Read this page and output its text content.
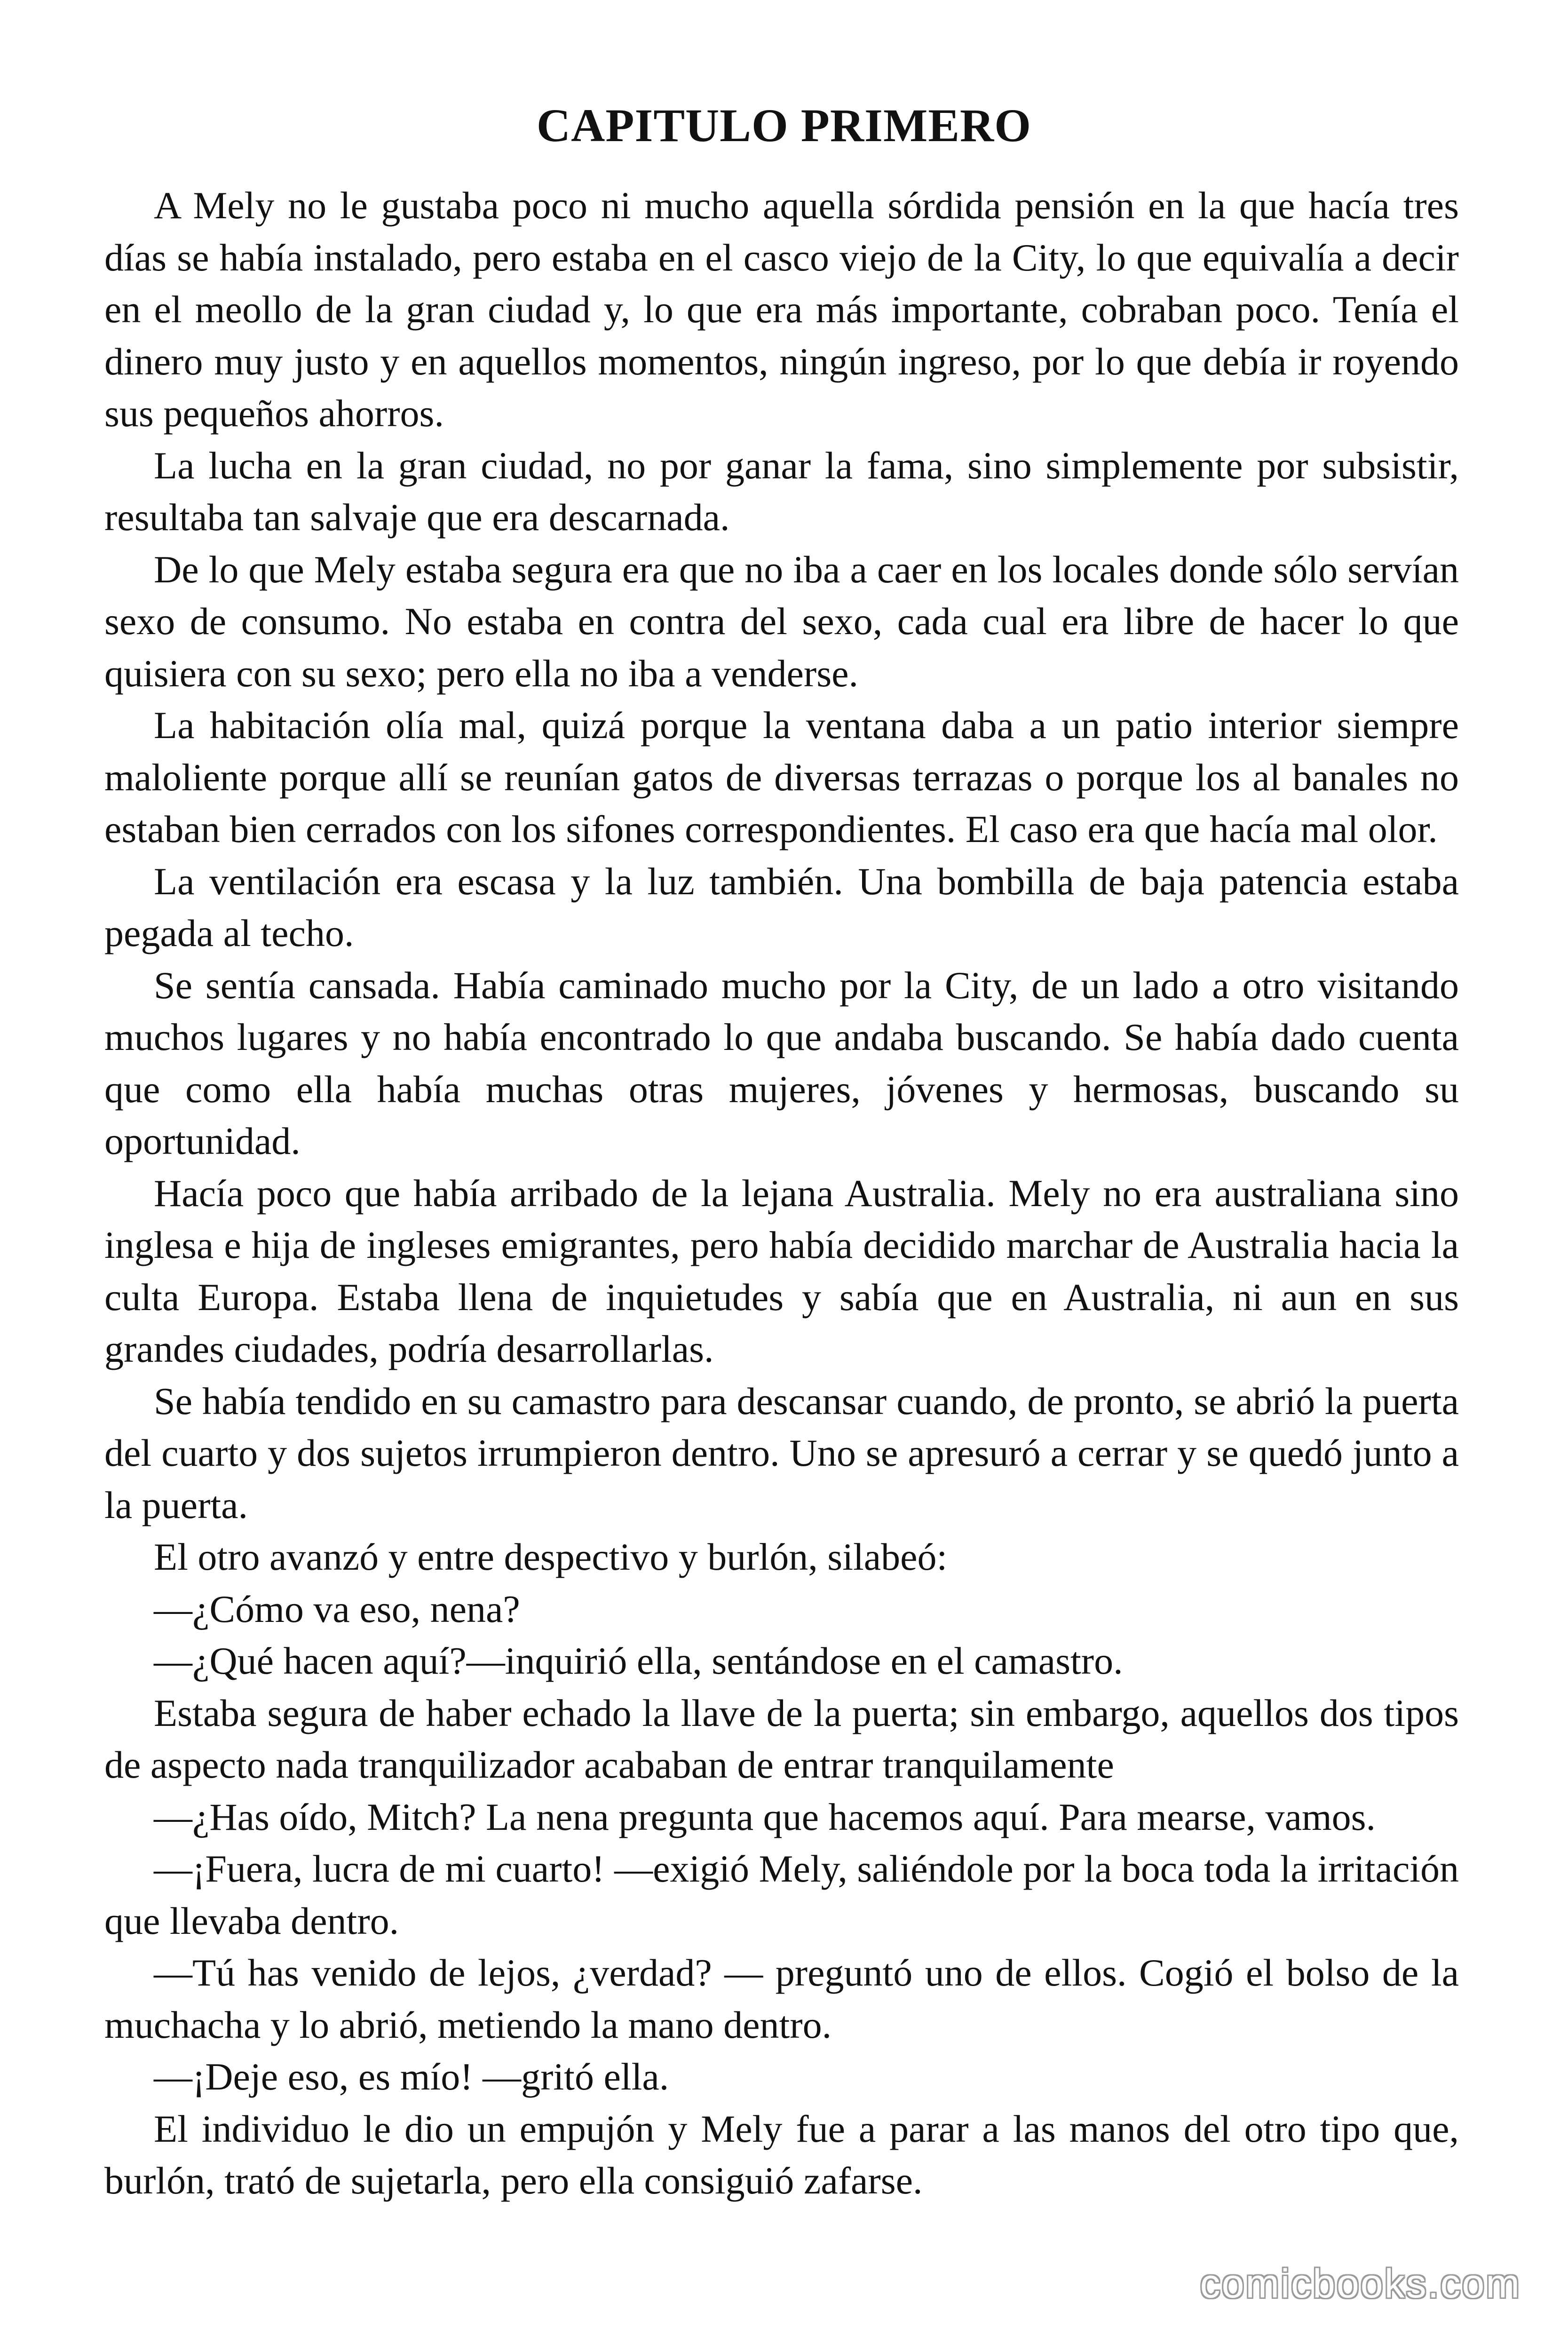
CAPITULO PRIMERO

A Mely no le gustaba poco ni mucho aquella sórdida pensión en la que hacía tres días se había instalado, pero estaba en el casco viejo de la City, lo que equivalía a decir en el meollo de la gran ciudad y, lo que era más importante, cobraban poco. Tenía el dinero muy justo y en aquellos momentos, ningún ingreso, por lo que debía ir royendo sus pequeños ahorros.

La lucha en la gran ciudad, no por ganar la fama, sino simplemente por subsistir, resultaba tan salvaje que era descarnada.

De lo que Mely estaba segura era que no iba a caer en los locales donde sólo servían sexo de consumo. No estaba en contra del sexo, cada cual era libre de hacer lo que quisiera con su sexo; pero ella no iba a venderse.

La habitación olía mal, quizá porque la ventana daba a un patio interior siempre maloliente porque allí se reunían gatos de diversas terrazas o porque los al banales no estaban bien cerrados con los sifones correspondientes. El caso era que hacía mal olor.

La ventilación era escasa y la luz también. Una bombilla de baja patencia estaba pegada al techo.

Se sentía cansada. Había caminado mucho por la City, de un lado a otro visitando muchos lugares y no había encontrado lo que andaba buscando. Se había dado cuenta que como ella había muchas otras mujeres, jóvenes y hermosas, buscando su oportunidad.

Hacía poco que había arribado de la lejana Australia. Mely no era australiana sino inglesa e hija de ingleses emigrantes, pero había decidido marchar de Australia hacia la culta Europa. Estaba llena de inquietudes y sabía que en Australia, ni aun en sus grandes ciudades, podría desarrollarlas.

Se había tendido en su camastro para descansar cuando, de pronto, se abrió la puerta del cuarto y dos sujetos irrumpieron dentro. Uno se apresuró a cerrar y se quedó junto a la puerta.

El otro avanzó y entre despectivo y burlón, silabeó:

—¿Cómo va eso, nena?

—¿Qué hacen aquí?—inquirió ella, sentándose en el camastro.

Estaba segura de haber echado la llave de la puerta; sin embargo, aquellos dos tipos de aspecto nada tranquilizador acababan de entrar tranquilamente

—¿Has oído, Mitch? La nena pregunta que hacemos aquí. Para mearse, vamos.

—¡Fuera, lucra de mi cuarto! —exigió Mely, saliéndole por la boca toda la irritación que llevaba dentro.

—Tú has venido de lejos, ¿verdad? — preguntó uno de ellos. Cogió el bolso de la muchacha y lo abrió, metiendo la mano dentro.

—¡Deje eso, es mío! —gritó ella.

El individuo le dio un empujón y Mely fue a parar a las manos del otro tipo que, burlón, trató de sujetarla, pero ella consiguió zafarse.

comicbooks.com
